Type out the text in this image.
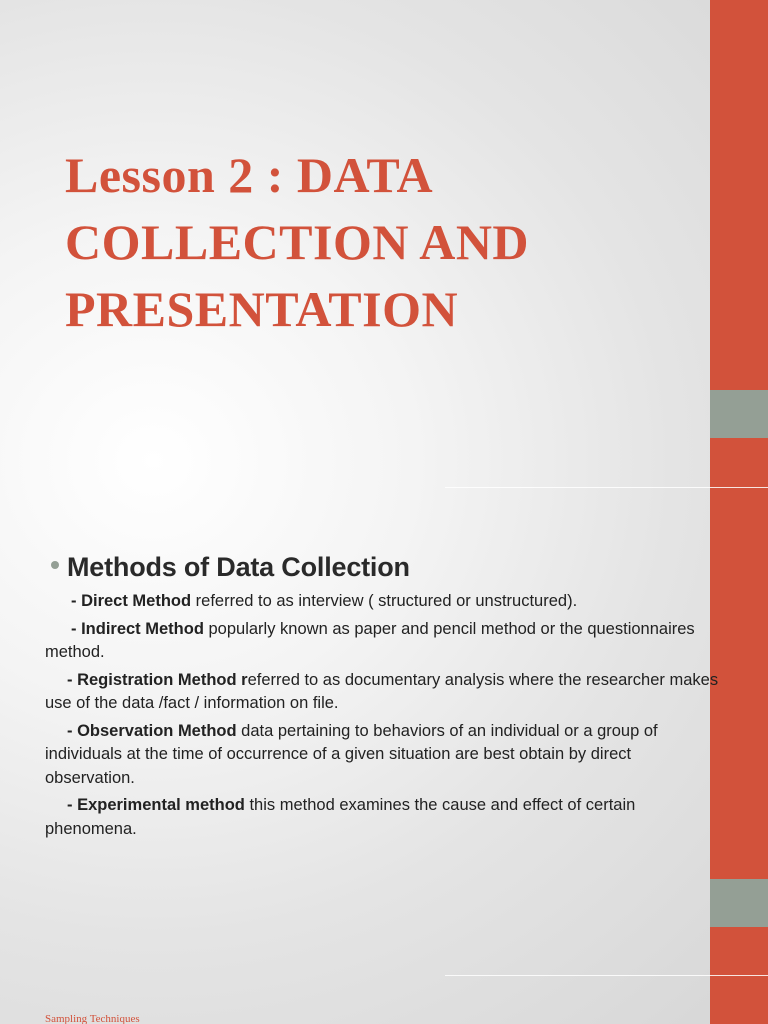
Lesson 2 : DATA
COLLECTION AND
PRESENTATION
Methods of Data Collection

- Direct Method referred to as interview ( structured or unstructured).

- Indirect Method popularly known as paper and pencil method or the questionnaires method.

- Registration Method referred to as documentary analysis where the researcher makes use of the data /fact / information on file.

- Observation Method data pertaining to behaviors of an individual or a group of individuals at the time of occurrence of a given situation are best obtain by direct observation.

- Experimental method this method examines the cause and effect of certain phenomena.

Sampling Techniques
